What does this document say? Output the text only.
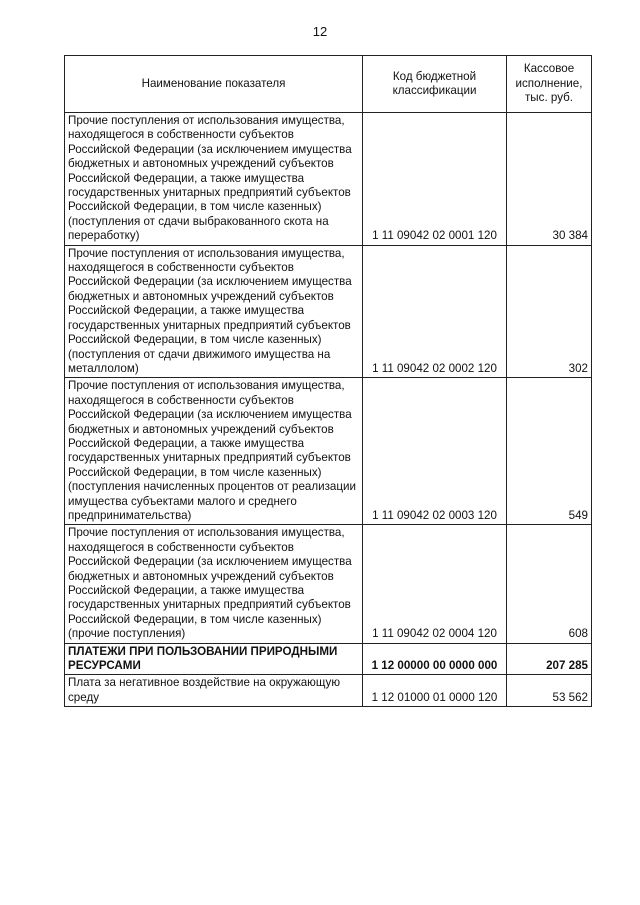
12
Наименование показателя	Код бюджетной классификации	Кассовое исполнение, тыс. руб.
Прочие поступления от использования имущества, находящегося в собственности субъектов Российской Федерации (за исключением имущества бюджетных и автономных учреждений субъектов Российской Федерации, а также имущества государственных унитарных предприятий субъектов Российской Федерации, в том числе казенных) (поступления от сдачи выбракованного скота на переработку)	1 11 09042 02 0001 120	30 384
Прочие поступления от использования имущества, находящегося в собственности субъектов Российской Федерации (за исключением имущества бюджетных и автономных учреждений субъектов Российской Федерации, а также имущества государственных унитарных предприятий субъектов Российской Федерации, в том числе казенных) (поступления от сдачи движимого имущества на металлолом)	1 11 09042 02 0002 120	302
Прочие поступления от использования имущества, находящегося в собственности субъектов Российской Федерации (за исключением имущества бюджетных и автономных учреждений субъектов Российской Федерации, а также имущества государственных унитарных предприятий субъектов Российской Федерации, в том числе казенных) (поступления начисленных процентов от реализации имущества субъектами малого и среднего предпринимательства)	1 11 09042 02 0003 120	549
Прочие поступления от использования имущества, находящегося в собственности субъектов Российской Федерации (за исключением имущества бюджетных и автономных учреждений субъектов Российской Федерации, а также имущества государственных унитарных предприятий субъектов Российской Федерации, в том числе казенных) (прочие поступления)	1 11 09042 02 0004 120	608
ПЛАТЕЖИ ПРИ ПОЛЬЗОВАНИИ ПРИРОДНЫМИ РЕСУРСАМИ	1 12 00000 00 0000 000	207 285
Плата за негативное воздействие на окружающую среду	1 12 01000 01 0000 120	53 562
